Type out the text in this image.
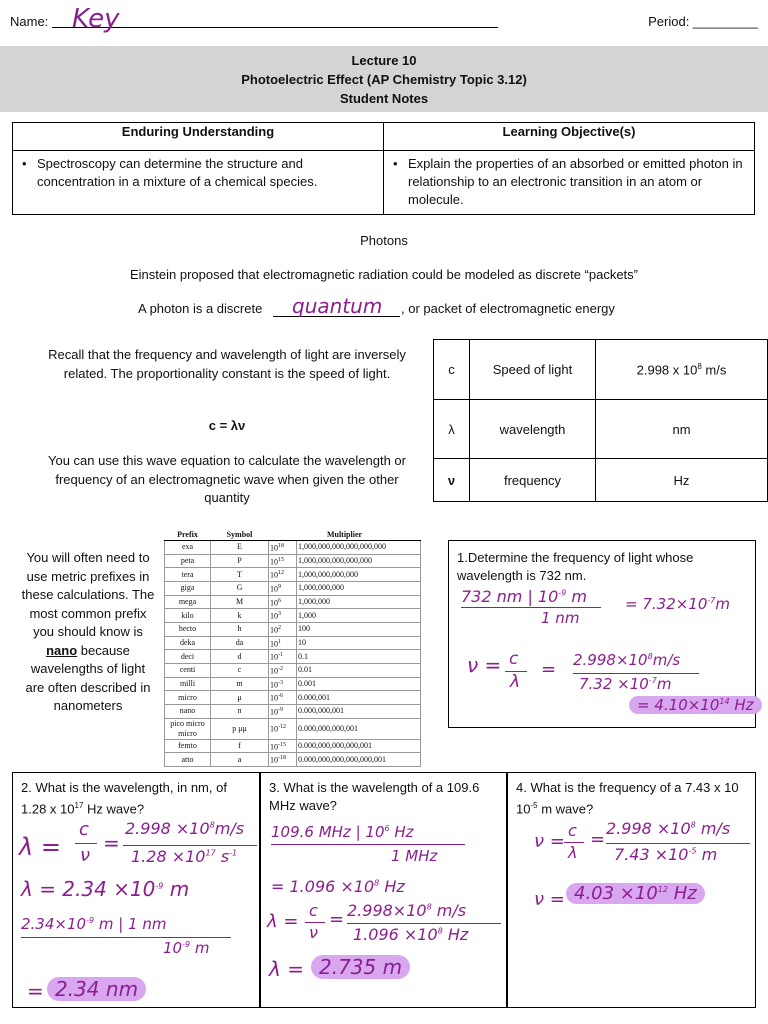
Name: Key	Period: _________
Lecture 10
Photoelectric Effect (AP Chemistry Topic 3.12)
Student Notes
Enduring Understanding	Learning Objective(s)

• Spectroscopy can determine the structure and concentration in a mixture of a chemical species.	• Explain the properties of an absorbed or emitted photon in relationship to an electronic transition in an atom or molecule.
Photons
Einstein proposed that electromagnetic radiation could be modeled as discrete “packets”
A photon is a discrete quantum , or packet of electromagnetic energy
Recall that the frequency and wavelength of light are inversely related. The proportionality constant is the speed of light.
c = λν
You can use this wave equation to calculate the wavelength or frequency of an electromagnetic wave when given the other quantity
c	Speed of light	2.998 x $10^8$ m/s
λ	wavelength	nm
ν	frequency	Hz
You will often need to use metric prefixes in these calculations. The most common prefix you should know is nano because wavelengths of light are often described in nanometers
Prefix	Symbol	Multiplier	
exa	E	$10^{18}$	1,000,000,000,000,000,000
peta	P	$10^{15}$	1,000,000,000,000,000
tera	T	$10^{12}$	1,000,000,000,000
giga	G	$10^9$	1,000,000,000
mega	M	$10^6$	1,000,000
kilo	k	$10^3$	1,000
hecto	h	$10^2$	100
deka	da	$10^1$	10
deci	d	$10^{-1}$	0.1
centi	c	$10^{-2}$	0.01
milli	m	$10^{-3}$	0.001
micro	μ	$10^{-6}$	0.000,001
nano	n	$10^{-9}$	0.000,000,001
pico micro micro	p μμ	$10^{-12}$	0.000,000,000,001
femto	f	$10^{-15}$	0.000,000,000,000,001
atto	a	$10^{-18}$	0.000,000,000,000,000,001
1.Determine the frequency of light whose wavelength is 732 nm.
732 nm | $10^{-9}$ m	= $7.32\times 10^{-7}m$
1 nm
ν = c
λ
= $2.998\times 10^8m/s$
$7.32 \times 10^{-7}m$
= $4.10\times 10^{14}$ Hz
2. What is the wavelength, in nm, of 1.28 x $10^{17}$ Hz wave?
λ =
c
ν
=
$2.998 \times 10^8m/s$
$1.28 \times 10^{17}$ $s^{-1}$
$\lambda = 2.34 \times 10^{-9}$ m
$2.34\times 10^{-9}$ m | 1 nm
$10^{-9}$ m
= 2.34 nm
3. What is the wavelength of a 109.6 MHz wave?
109.6 MHz | $10^6$ Hz
1 MHz
= $1.096 \times 10^8$ Hz
λ =
c
ν
= $2.998\times 10^8$ m/s
$1.096 \times 10^8$ Hz
λ = 2.735 m
4. What is the frequency of a 7.43 x 10
$10^{-5}$ m wave?
ν =
c
λ
=
$2.998 \times 10^8$ m/s
$7.43 \times 10^{-5}$ m
$\nu = 4.03 \times 10^{12}$ Hz
